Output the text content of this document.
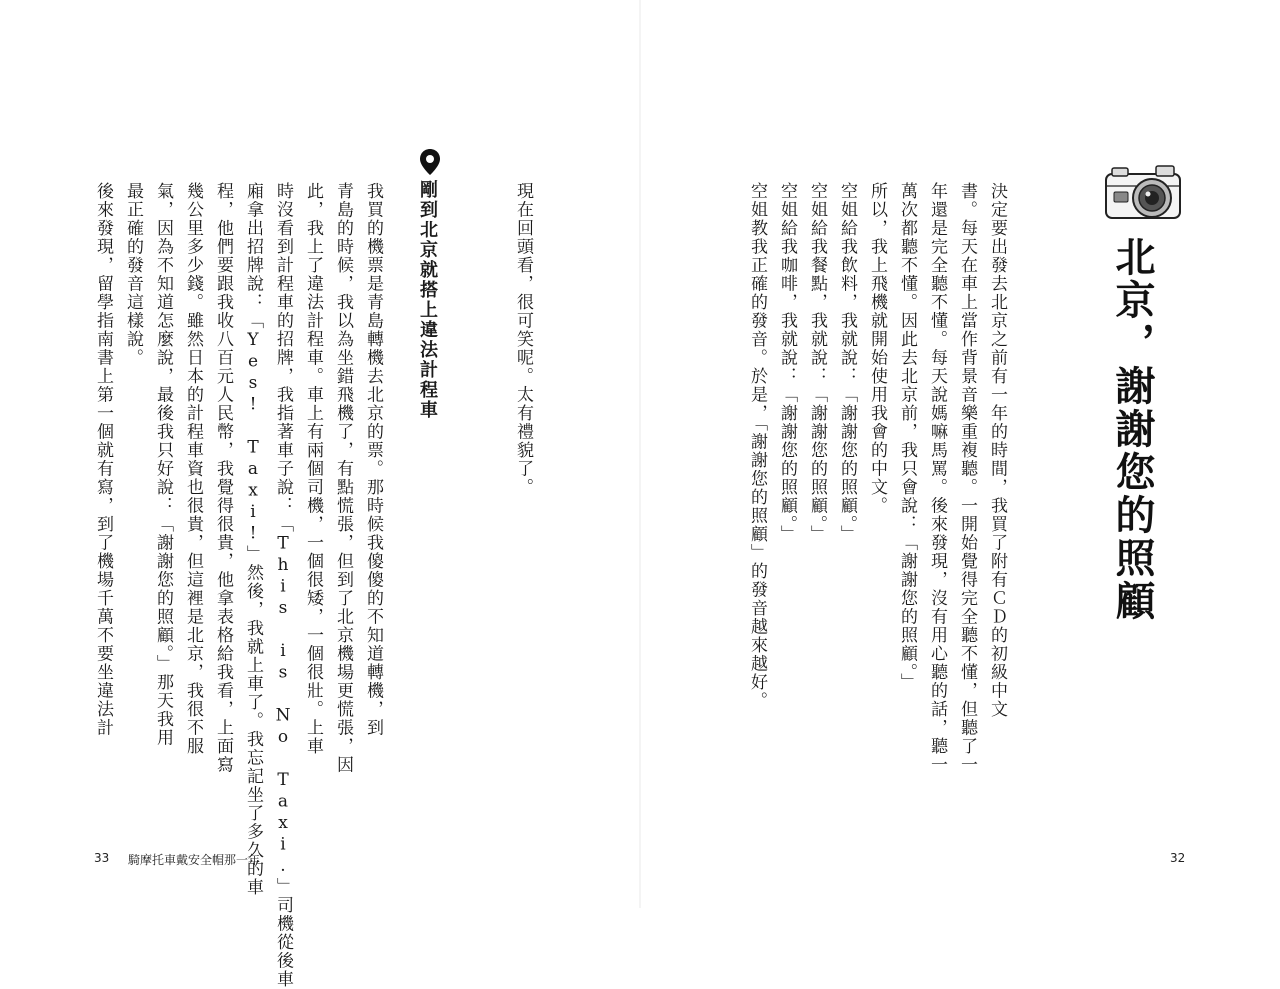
北京，謝謝您的照顧
決定要出發去北京之前有一年的時間，我買了附有ＣＤ的初級中文
書。每天在車上當作背景音樂重複聽。一開始覺得完全聽不懂，但聽了一
年還是完全聽不懂。每天說媽嘛馬罵。後來發現，沒有用心聽的話，聽一
萬次都聽不懂。因此去北京前，我只會說：「謝謝您的照顧。」
所以，我上飛機就開始使用我會的中文。
空姐給我飲料，我就說：「謝謝您的照顧。」
空姐給我餐點，我就說：「謝謝您的照顧。」
空姐給我咖啡，我就說：「謝謝您的照顧。」
空姐教我正確的發音。於是，「謝謝您的照顧」的發音越來越好。
32
現在回頭看，很可笑呢。太有禮貌了。
剛到北京就搭上違法計程車
我買的機票是青島轉機去北京的票。那時候我傻傻的不知道轉機，到
青島的時候，我以為坐錯飛機了，有點慌張，但到了北京機場更慌張，因
此，我上了違法計程車。車上有兩個司機，一個很矮，一個很壯。上車
時沒看到計程車的招牌，我指著車子說：「This is No Taxi.」司機從後車
廂拿出招牌說：「Yes! Taxi!」然後，我就上車了。我忘記坐了多久的車
程，他們要跟我收八百元人民幣，我覺得很貴，他拿表格給我看，上面寫
幾公里多少錢。雖然日本的計程車資也很貴，但這裡是北京，我很不服
氣，因為不知道怎麼說，最後我只好說：「謝謝您的照顧。」那天我用
最正確的發音這樣說。
後來發現，留學指南書上第一個就有寫，到了機場千萬不要坐違法計
33 騎摩托車戴安全帽那一年
